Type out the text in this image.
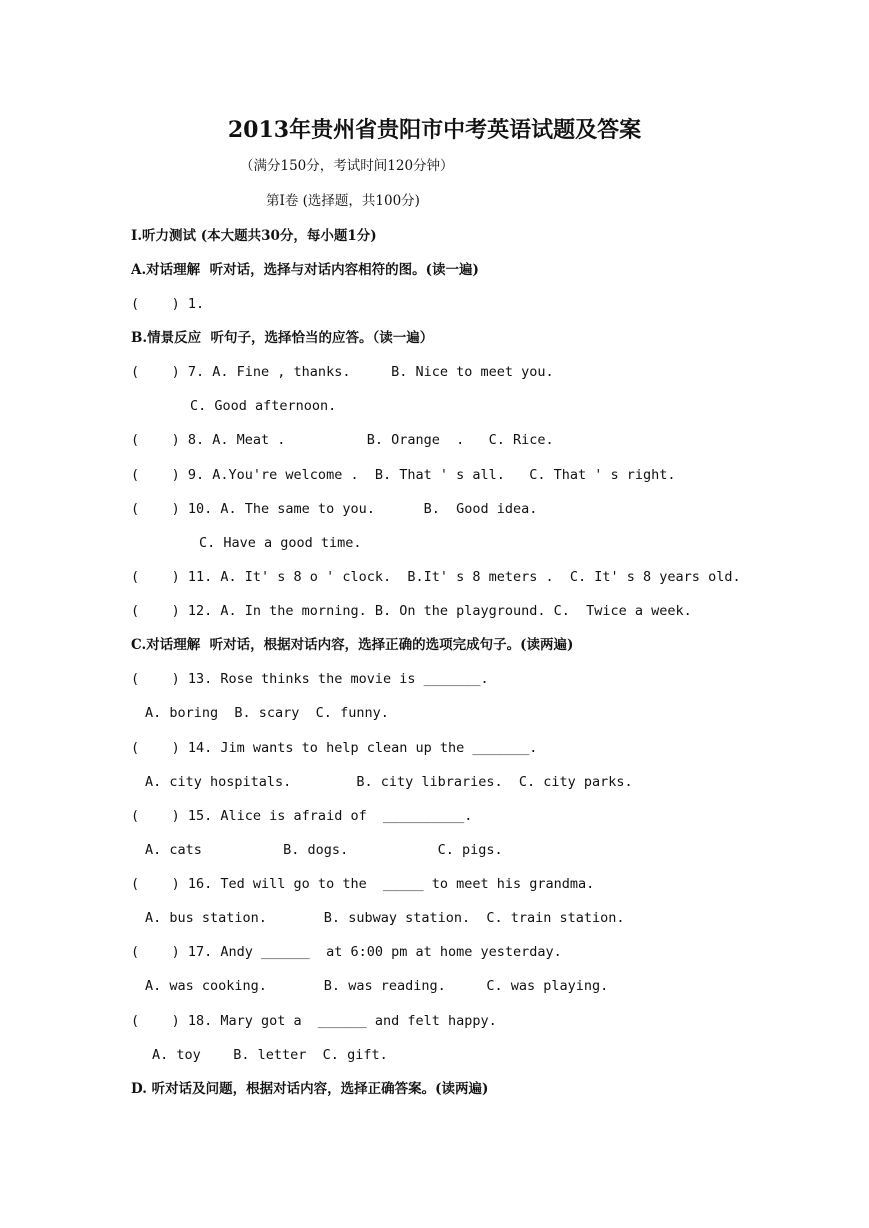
2013年贵州省贵阳市中考英语试题及答案
（满分150分，考试时间120分钟）
第Ⅰ卷 (选择题，共100分)
Ⅰ.听力测试 (本大题共30分，每小题1分)
A.对话理解  听对话，选择与对话内容相符的图。(读一遍)
(    ) 1.
B.情景反应  听句子，选择恰当的应答。（读一遍）
(    ) 7. A. Fine , thanks.     B. Nice to meet you.
C. Good afternoon.
(    ) 8. A. Meat .          B. Orange  .   C. Rice.
(    ) 9. A.You're welcome .  B. That ' s all.   C. That ' s right.
(    ) 10. A. The same to you.      B.  Good idea.
C. Have a good time.
(    ) 11. A. It' s 8 o ' clock.  B.It' s 8 meters .  C. It' s 8 years old.
(    ) 12. A. In the morning. B. On the playground. C.  Twice a week.
C.对话理解  听对话，根据对话内容，选择正确的选项完成句子。(读两遍)
(    ) 13. Rose thinks the movie is _______.
A. boring  B. scary  C. funny.
(    ) 14. Jim wants to help clean up the _______.
A. city hospitals.        B. city libraries.  C. city parks.
(    ) 15. Alice is afraid of  __________.
A. cats          B. dogs.           C. pigs.
(    ) 16. Ted will go to the  _____ to meet his grandma.
A. bus station.       B. subway station.  C. train station.
(    ) 17. Andy ______  at 6:00 pm at home yesterday.
A. was cooking.       B. was reading.     C. was playing.
(    ) 18. Mary got a  ______ and felt happy.
A. toy    B. letter  C. gift.
D. 听对话及问题，根据对话内容，选择正确答案。(读两遍)
